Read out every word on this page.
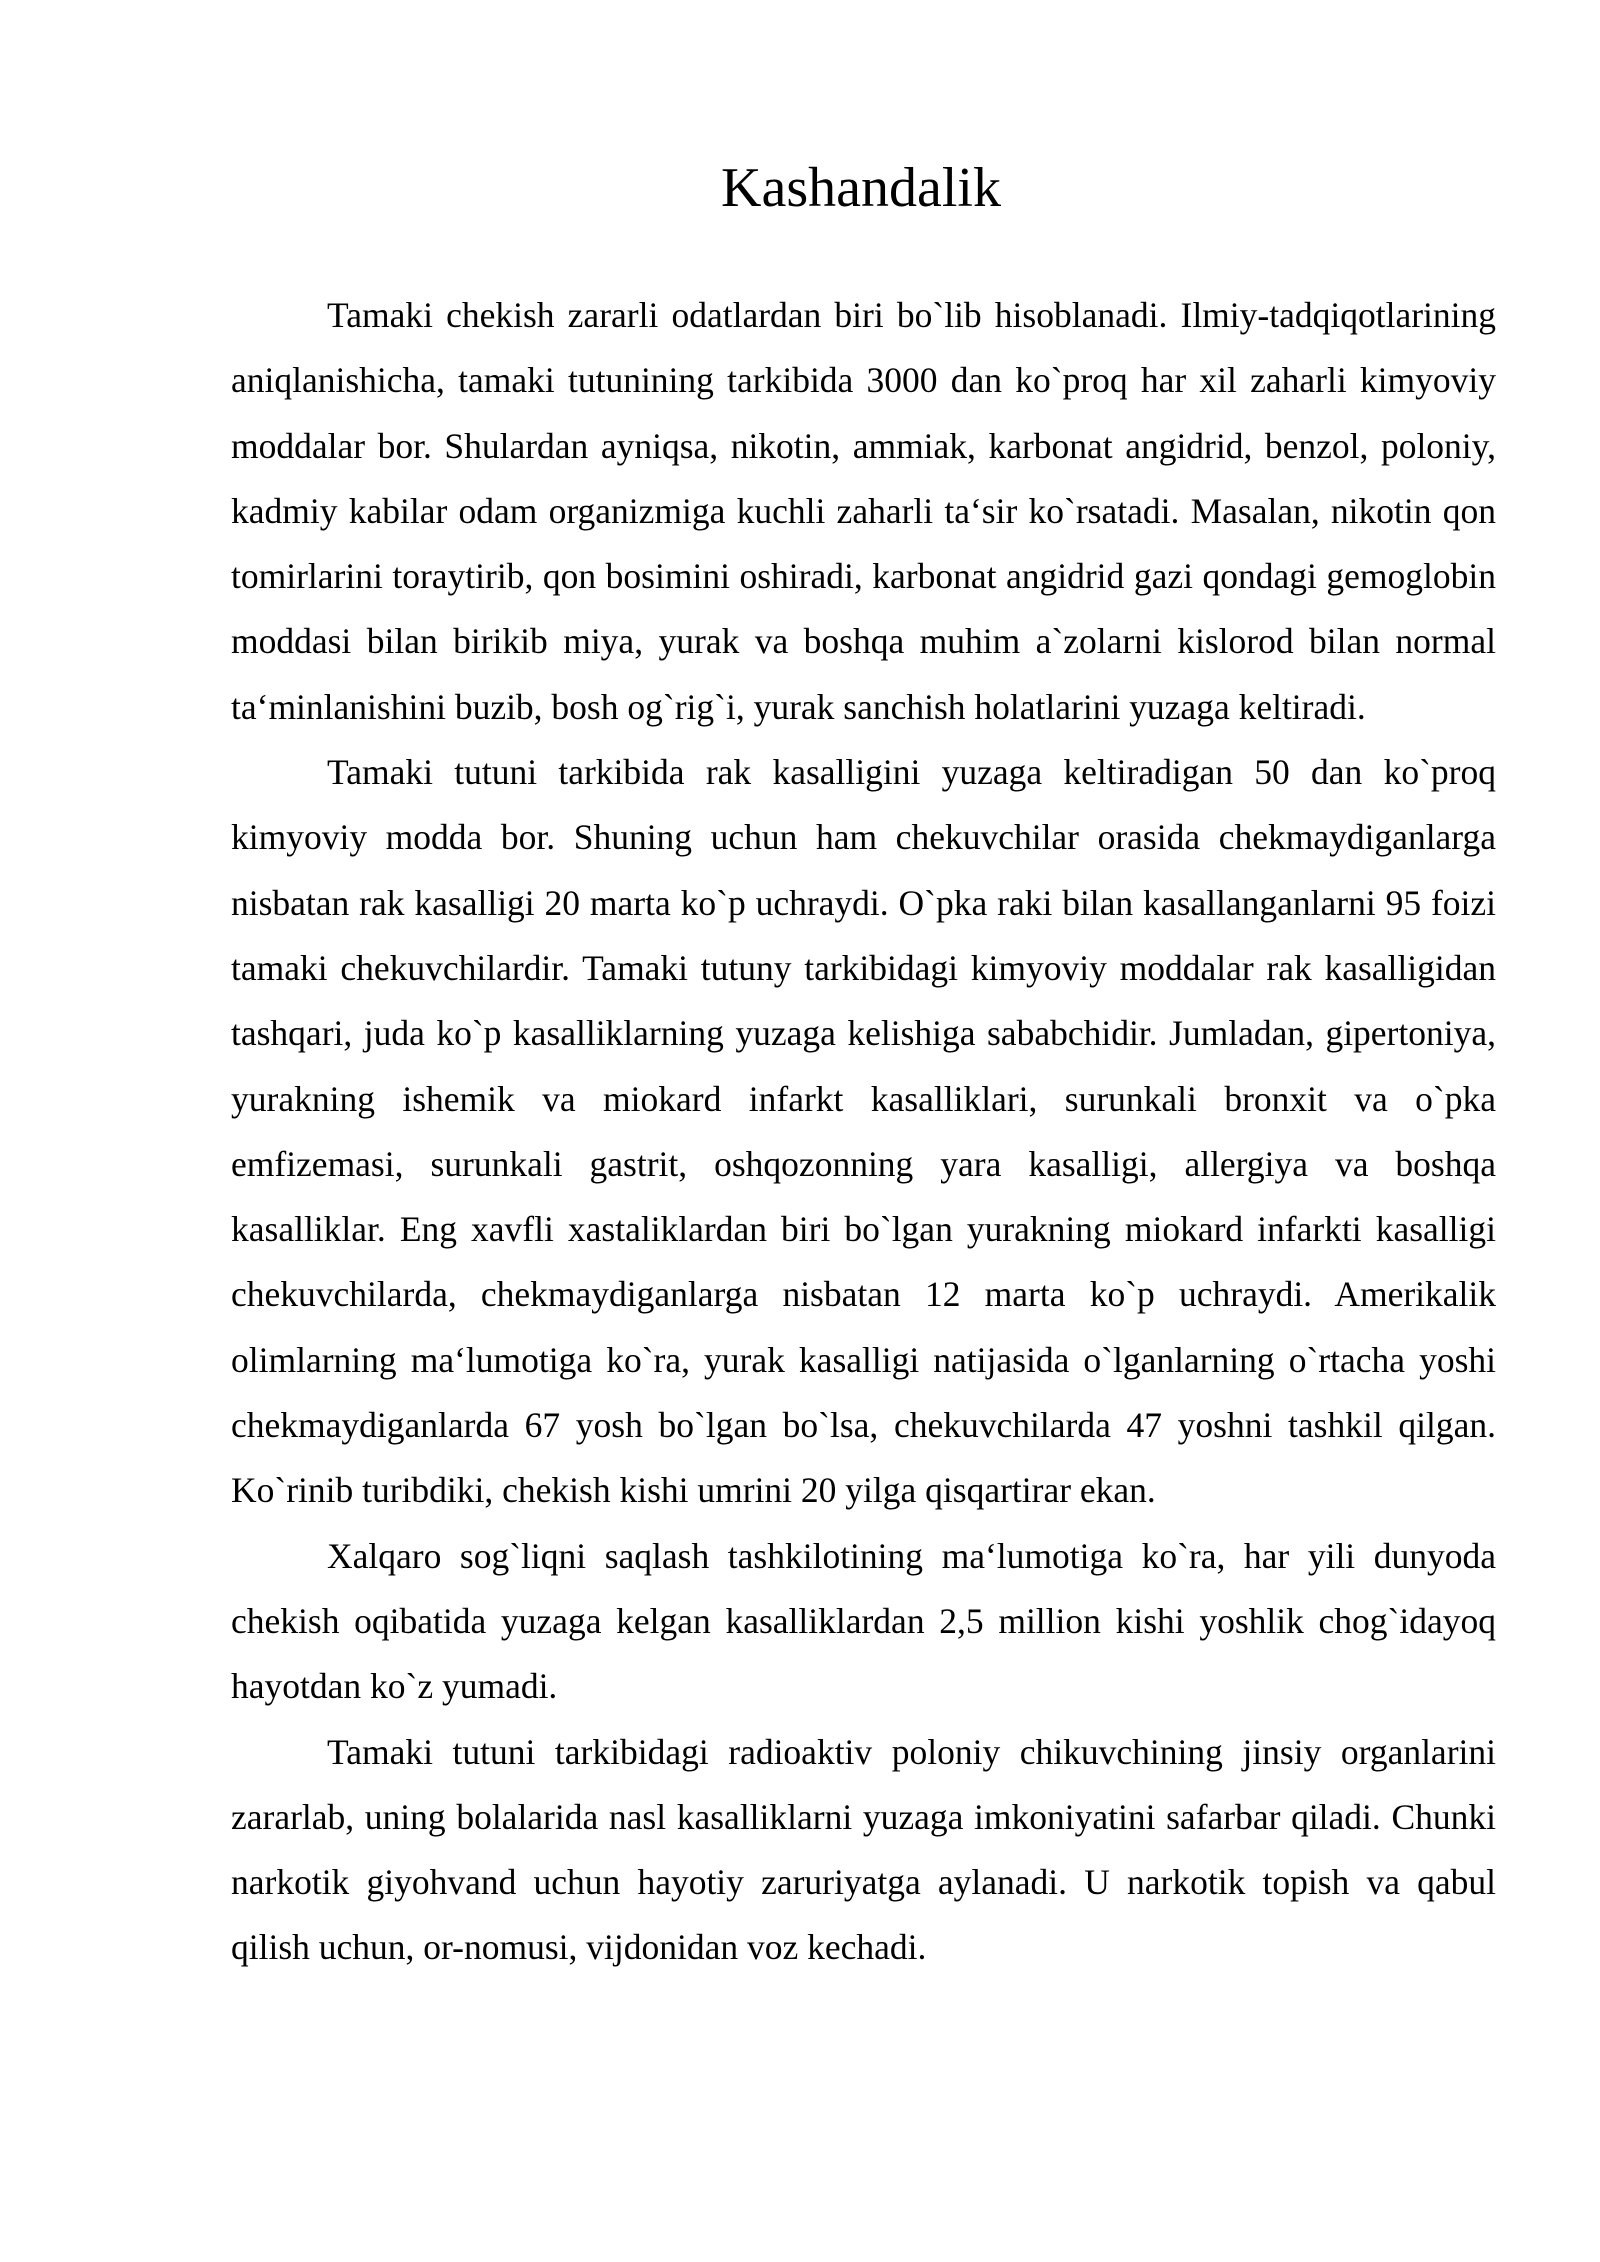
Kashandalik

Tamaki chekish zararli odatlardan biri bo`lib hisoblanadi. Ilmiy-tadqiqotlarining aniqlanishicha, tamaki tutunining tarkibida 3000 dan ko`proq har xil zaharli kimyoviy moddalar bor. Shulardan ayniqsa, nikotin, ammiak, karbonat angidrid, benzol, poloniy, kadmiy kabilar odam organizmiga kuchli zaharli ta‘sir ko`rsatadi. Masalan, nikotin qon tomirlarini toraytirib, qon bosimini oshiradi, karbonat angidrid gazi qondagi gemoglobin moddasi bilan birikib miya, yurak va boshqa muhim a`zolarni kislorod bilan normal ta‘minlanishini buzib, bosh og`rig`i, yurak sanchish holatlarini yuzaga keltiradi.

Tamaki tutuni tarkibida rak kasalligini yuzaga keltiradigan 50 dan ko`proq kimyoviy modda bor. Shuning uchun ham chekuvchilar orasida chekmaydiganlarga nisbatan rak kasalligi 20 marta ko`p uchraydi. O`pka raki bilan kasallanganlarni 95 foizi tamaki chekuvchilardir. Tamaki tutuny tarkibidagi kimyoviy moddalar rak kasalligidan tashqari, juda ko`p kasalliklarning yuzaga kelishiga sababchidir. Jumladan, gipertoniya, yurakning ishemik va miokard infarkt kasalliklari, surunkali bronxit va o`pka emfizemasi, surunkali gastrit, oshqozonning yara kasalligi, allergiya va boshqa kasalliklar. Eng xavfli xastaliklardan biri bo`lgan yurakning miokard infarkti kasalligi chekuvchilarda, chekmaydiganlarga nisbatan 12 marta ko`p uchraydi. Amerikalik olimlarning ma‘lumotiga ko`ra, yurak kasalligi natijasida o`lganlarning o`rtacha yoshi chekmaydiganlarda 67 yosh bo`lgan bo`lsa, chekuvchilarda 47 yoshni tashkil qilgan. Ko`rinib turibdiki, chekish kishi umrini 20 yilga qisqartirar ekan.

Xalqaro sog`liqni saqlash tashkilotining ma‘lumotiga ko`ra, har yili dunyoda chekish oqibatida yuzaga kelgan kasalliklardan 2,5 million kishi yoshlik chog`idayoq hayotdan ko`z yumadi.

Tamaki tutuni tarkibidagi radioaktiv poloniy chikuvchining jinsiy organlarini zararlab, uning bolalarida nasl kasalliklarni yuzaga imkoniyatini safarbar qiladi. Chunki narkotik giyohvand uchun hayotiy zaruriyatga aylanadi. U narkotik topish va qabul qilish uchun, or-nomusi, vijdonidan voz kechadi.
